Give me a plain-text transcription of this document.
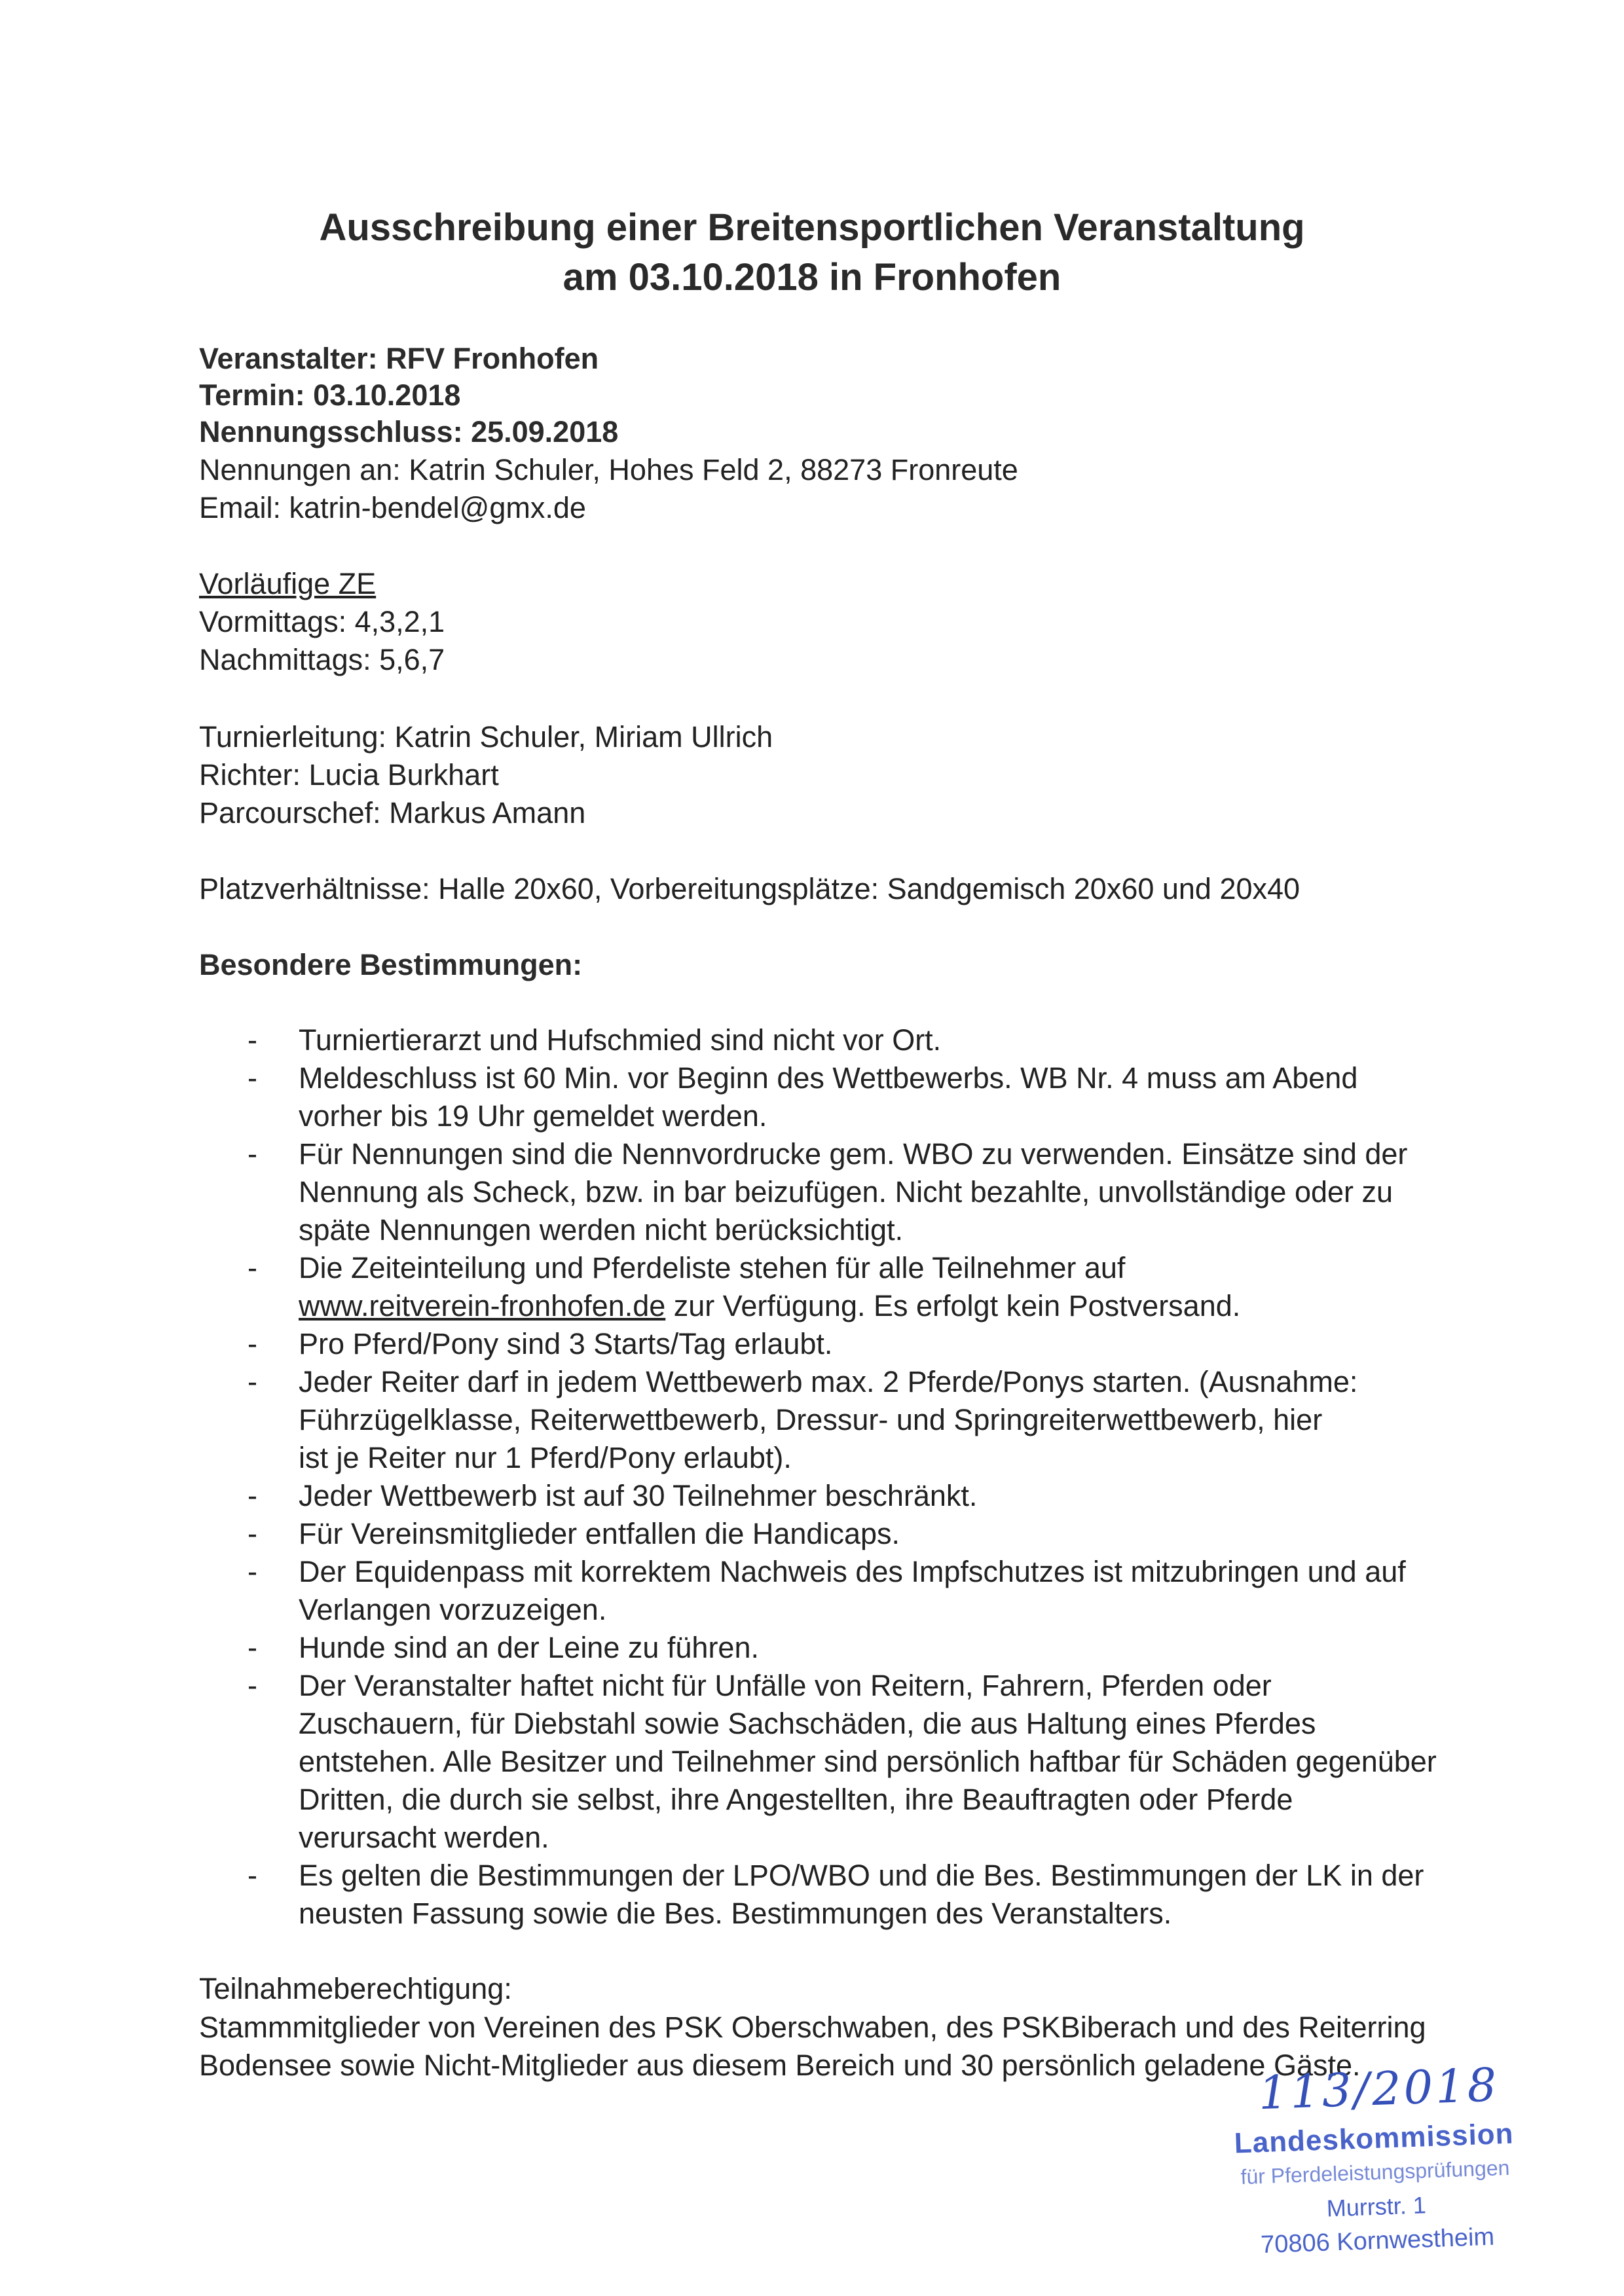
Ausschreibung einer Breitensportlichen Veranstaltung
am 03.10.2018 in Fronhofen
Veranstalter: RFV Fronhofen
Termin: 03.10.2018
Nennungsschluss: 25.09.2018
Nennungen an: Katrin Schuler, Hohes Feld 2, 88273 Fronreute
Email: katrin-bendel@gmx.de
Vorläufige ZE
Vormittags: 4,3,2,1
Nachmittags: 5,6,7
Turnierleitung: Katrin Schuler, Miriam Ullrich
Richter: Lucia Burkhart
Parcourschef: Markus Amann
Platzverhältnisse: Halle 20x60, Vorbereitungsplätze: Sandgemisch 20x60 und 20x40
Besondere Bestimmungen:
- Turniertierarzt und Hufschmied sind nicht vor Ort.
- Meldeschluss ist 60 Min. vor Beginn des Wettbewerbs. WB Nr. 4 muss am Abend vorher bis 19 Uhr gemeldet werden.
- Für Nennungen sind die Nennvordrucke gem. WBO zu verwenden. Einsätze sind der Nennung als Scheck, bzw. in bar beizufügen. Nicht bezahlte, unvollständige oder zu späte Nennungen werden nicht berücksichtigt.
- Die Zeiteinteilung und Pferdeliste stehen für alle Teilnehmer auf
www.reitverein-fronhofen.de zur Verfügung. Es erfolgt kein Postversand.
- Pro Pferd/Pony sind 3 Starts/Tag erlaubt.
- Jeder Reiter darf in jedem Wettbewerb max. 2 Pferde/Ponys starten. (Ausnahme: Führzügelklasse, Reiterwettbewerb, Dressur- und Springreiterwettbewerb, hier ist je Reiter nur 1 Pferd/Pony erlaubt).
- Jeder Wettbewerb ist auf 30 Teilnehmer beschränkt.
- Für Vereinsmitglieder entfallen die Handicaps.
- Der Equidenpass mit korrektem Nachweis des Impfschutzes ist mitzubringen und auf Verlangen vorzuzeigen.
- Hunde sind an der Leine zu führen.
- Der Veranstalter haftet nicht für Unfälle von Reitern, Fahrern, Pferden oder Zuschauern, für Diebstahl sowie Sachschäden, die aus Haltung eines Pferdes entstehen. Alle Besitzer und Teilnehmer sind persönlich haftbar für Schäden gegenüber Dritten, die durch sie selbst, ihre Angestellten, ihre Beauftragten oder Pferde verursacht werden.
- Es gelten die Bestimmungen der LPO/WBO und die Bes. Bestimmungen der LK in der neusten Fassung sowie die Bes. Bestimmungen des Veranstalters.
Teilnahmeberechtigung:
Stammmitglieder von Vereinen des PSK Oberschwaben, des PSKBiberach und des Reiterring Bodensee sowie Nicht-Mitglieder aus diesem Bereich und 30 persönlich geladene Gäste.
113/2018
Landeskommission
für Pferdeleistungsprüfungen
Murrstr. 1
70806 Kornwestheim
